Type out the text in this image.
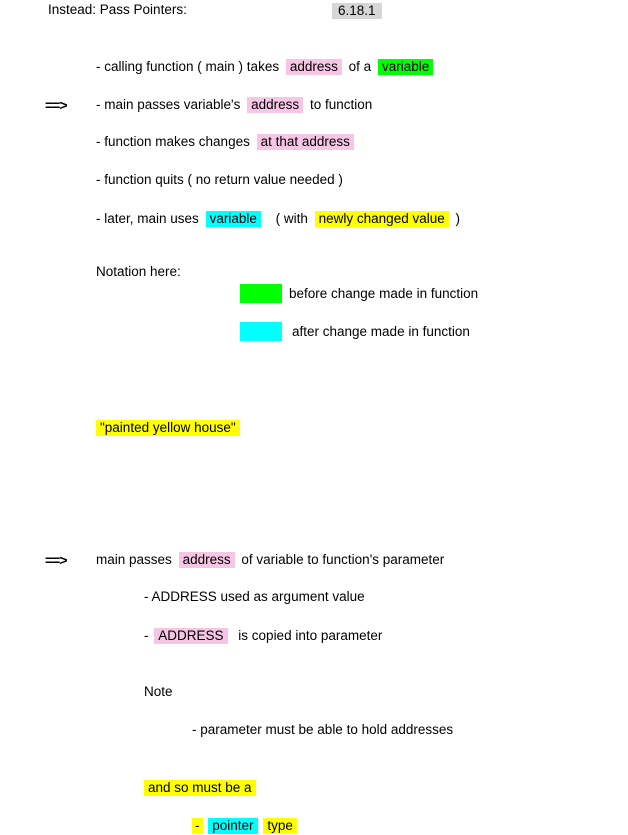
Instead: Pass Pointers:	6.18.1
==>
- calling function ( main ) takes address of a variable
- main passes variable's address to function
- function makes changes at that address
- function quits ( no return value needed )
- later, main uses variable ( with newly changed value )
Notation here:
before change made in function
after change made in function
"painted yellow house"
==> main passes address of variable to function's parameter
- ADDRESS used as argument value
- ADDRESS is copied into parameter
Note
- parameter must be able to hold addresses
and so must be a
- pointer type
